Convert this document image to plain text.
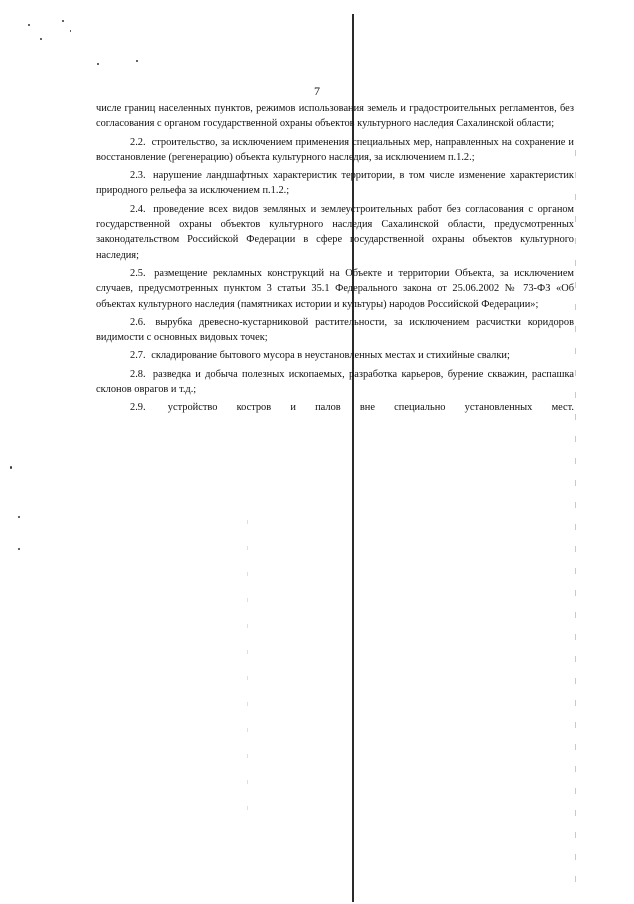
7

числе границ населенных пунктов, режимов использования земель и градостроительных регламентов, без согласования с органом государственной охраны объектов культурного наследия Сахалинской области;

2.2. строительство, за исключением применения специальных мер, направленных на сохранение и восстановление (регенерацию) объекта культурного наследия, за исключением п.1.2.;

2.3. нарушение ландшафтных характеристик территории, в том числе изменение характеристик природного рельефа за исключением п.1.2.;

2.4. проведение всех видов земляных и землеустроительных работ без согласования с органом государственной охраны объектов культурного наследия Сахалинской области, предусмотренных законодательством Российской Федерации в сфере государственной охраны объектов культурного наследия;

2.5. размещение рекламных конструкций на Объекте и территории Объекта, за исключением случаев, предусмотренных пунктом 3 статьи 35.1 Федерального закона от 25.06.2002 № 73-ФЗ «Об объектах культурного наследия (памятниках истории и культуры) народов Российской Федерации»;

2.6. вырубка древесно-кустарниковой растительности, за исключением расчистки коридоров видимости с основных видовых точек;

2.7. складирование бытового мусора в неустановленных местах и стихийные свалки;

2.8. разведка и добыча полезных ископаемых, разработка карьеров, бурение скважин, распашка склонов оврагов и т.д.;

2.9. устройство костров и палов вне специально установленных мест.
